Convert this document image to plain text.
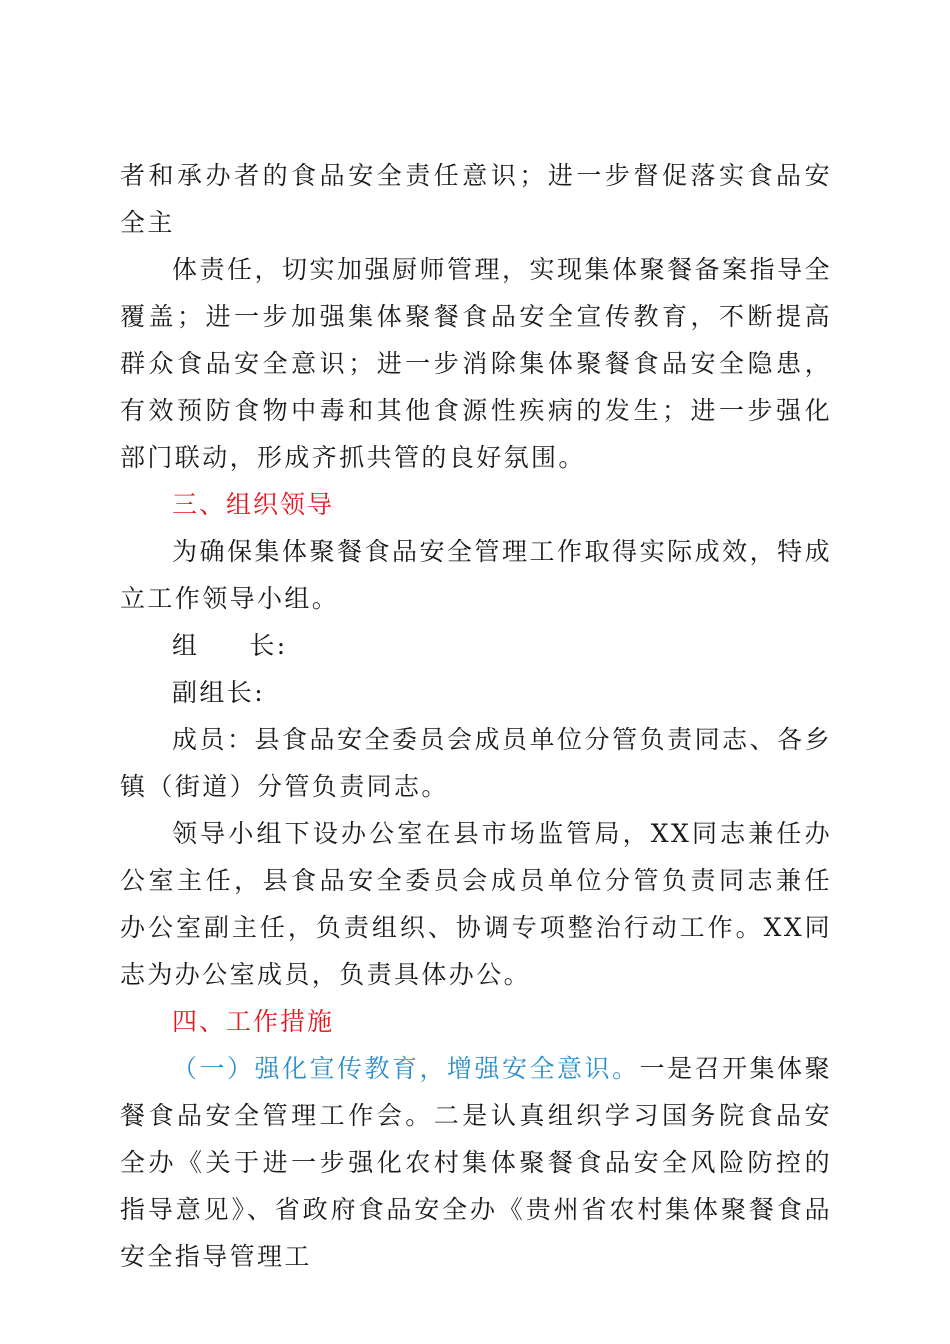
者和承办者的食品安全责任意识；进一步督促落实食品安全主

体责任，切实加强厨师管理，实现集体聚餐备案指导全覆盖；进一步加强集体聚餐食品安全宣传教育，不断提高群众食品安全意识；进一步消除集体聚餐食品安全隐患，有效预防食物中毒和其他食源性疾病的发生；进一步强化部门联动，形成齐抓共管的良好氛围。

三、组织领导

为确保集体聚餐食品安全管理工作取得实际成效，特成立工作领导小组。

组 长:

副组长:

成员：县食品安全委员会成员单位分管负责同志、各乡镇（街道）分管负责同志。

领导小组下设办公室在县市场监管局，XX同志兼任办公室主任，县食品安全委员会成员单位分管负责同志兼任办公室副主任，负责组织、协调专项整治行动工作。XX同志为办公室成员，负责具体办公。

四、工作措施

（一）强化宣传教育，增强安全意识。一是召开集体聚餐食品安全管理工作会。二是认真组织学习国务院食品安全办《关于进一步强化农村集体聚餐食品安全风险防控的指导意见》、省政府食品安全办《贵州省农村集体聚餐食品安全指导管理工
